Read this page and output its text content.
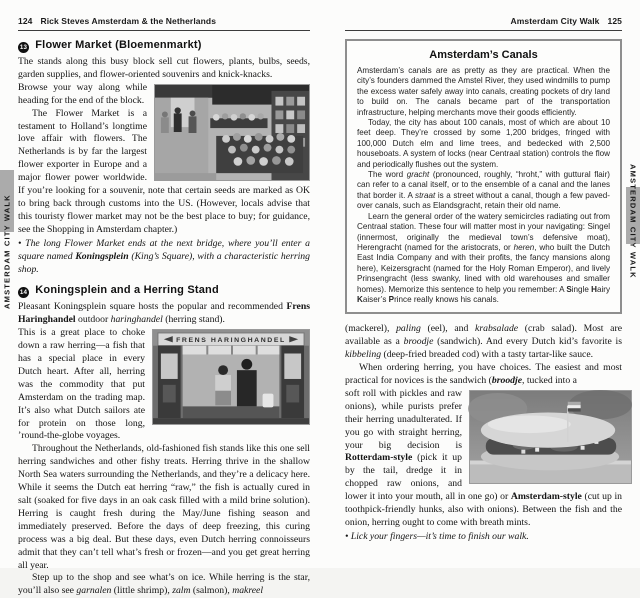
124 Rick Steves Amsterdam & the Netherlands
13 Flower Market (Bloemenmarkt)

The stands along this busy block sell cut flowers, plants, bulbs, seeds, garden supplies, and flower-oriented souvenirs and knick-knacks.

Browse your way along while heading for the end of the block.

The Flower Market is a testament to Holland’s longtime love affair with flowers. The Netherlands is by far the largest flower exporter in Europe and a major flower power worldwide. If you’re looking for a souvenir, note that certain seeds are marked as OK to bring back through customs into the US. (However, locals advise that this touristy flower market may not be the best place to buy; for guidance, see the Shopping in Amsterdam chapter.)

• The long Flower Market ends at the next bridge, where you’ll enter a square named Koningsplein (King’s Square), with a characteristic herring shop.

14 Koningsplein and a Herring Stand

Pleasant Koningsplein square hosts the popular and recommended Frens Haringhandel outdoor haringhandel (herring stand).

FRENS HARINGHANDEL

This is a great place to choke down a raw herring—a fish that has a special place in every Dutch heart. After all, herring was the commodity that put Amsterdam on the trading map. It’s also what Dutch sailors ate for protein on those long, ’round-the-globe voyages.

Throughout the Netherlands, old-fashioned fish stands like this one sell herring sandwiches and other fishy treats. Herring thrive in the shallow North Sea waters surrounding the Netherlands, and they’re a delicacy here. While it seems the Dutch eat herring “raw,” the fish is actually cured in salt (soaked for five days in an oak cask filled with a mild brine solution). Herring is caught fresh during the May/June fishing season and immediately preserved. Before the days of deep freezing, this curing process was a big deal. But these days, even Dutch herring connoisseurs admit that they can’t tell what’s fresh or frozen—and you get great herring all year.

Step up to the shop and see what’s on ice. While herring is the star, you’ll also see garnalen (little shrimp), zalm (salmon), makreel

Amsterdam City Walk 125
Amsterdam’s Canals

Amsterdam’s canals are as pretty as they are practical. When the city’s founders dammed the Amstel River, they used windmills to pump the excess water safely away into canals, creating pockets of dry land to build on. The canals became part of the transportation infrastructure, helping merchants move their goods efficiently.

Today, the city has about 100 canals, most of which are about 10 feet deep. They’re crossed by some 1,200 bridges, fringed with 100,000 Dutch elm and lime trees, and bedecked with 2,500 houseboats. A system of locks (near Centraal station) controls the flow and periodically flushes out the system.

The word gracht (pronounced, roughly, “hroht,” with guttural flair) can refer to a canal itself, or to the ensemble of a canal and the lanes that border it. A straat is a street without a canal, though a few paved-over canals, such as Elandsgracht, retain their old name.

Learn the general order of the watery semicircles radiating out from Centraal station. These four will matter most in your navigating: Singel (innermost, originally the medieval town’s defensive moat), Herengracht (named for the aristocrats, or heren, who built the Dutch East India Company and with their profits, the fancy mansions along here), Keizersgracht (named for the Holy Roman Emperor), and lively Prinsengracht (less swanky, lined with old warehouses and smaller homes). Memorize this sentence to help you remember: A Single Hairy Kaiser’s Prince really knows his canals.

(mackerel), paling (eel), and krabsalade (crab salad). Most are available as a broodje (sandwich). And every Dutch kid’s favorite is kibbeling (deep-fried breaded cod) with a tasty tartar-like sauce.

When ordering herring, you have choices. The easiest and most practical for novices is the sandwich (broodje, tucked into a

soft roll with pickles and raw onions), while purists prefer their herring unadulterated. If you go with straight herring, your big decision is Rotterdam-style (pick it up by the tail, dredge it in chopped raw onions, and lower it into your mouth, all in one go) or Amsterdam-style (cut up in toothpick-friendly hunks, also with onions). Between the fish and the onion, herring ought to come with breath mints.

• Lick your fingers—it’s time to finish our walk.

AMSTERDAM CITY WALK	AMSTERDAM CITY WALK
